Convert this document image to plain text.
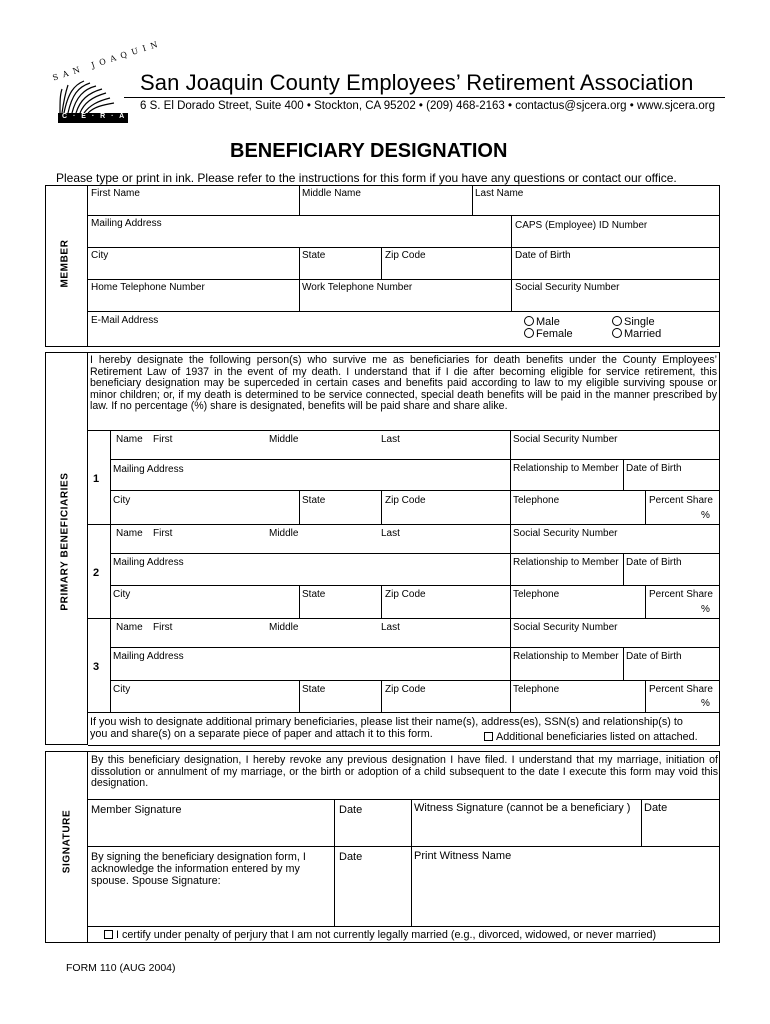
SAN JOAQUIN
C · E · R · A
San Joaquin County Employees’ Retirement Association
6 S. El Dorado Street, Suite 400 • Stockton, CA 95202 • (209) 468-2163 • contactus@sjcera.org • www.sjcera.org
BENEFICIARY DESIGNATION
Please type or print in ink. Please refer to the instructions for this form if you have any questions or contact our office.
MEMBER
First Name	Middle Name	Last Name
Mailing Address	CAPS (Employee) ID Number
City	State	Zip Code	Date of Birth
Home Telephone Number	Work Telephone Number	Social Security Number
E-Mail Address	Male
Female
Single
Married
PRIMARY BENEFICIARIES
I hereby designate the following person(s) who survive me as beneficiaries for death benefits under the County Employees’ Retirement Law of 1937 in the event of my death. I understand that if I die after becoming eligible for service retirement, this beneficiary designation may be superceded in certain cases and benefits paid according to law to my eligible surviving spouse or minor children; or, if my death is determined to be service connected, special death benefits will be paid in the manner prescribed by law. If no percentage (%) share is designated, benefits will be paid share and share alike.
1
2
3
Name First	Middle	Last	Social Security Number
Mailing Address	Relationship to Member Date of Birth
City	State	Zip Code	Telephone	Percent Share
%
Name First	Middle	Last	Social Security Number
Mailing Address	Relationship to Member Date of Birth
City	State	Zip Code	Telephone	Percent Share
%
Name First	Middle	Last	Social Security Number
Mailing Address	Relationship to Member Date of Birth
City	State	Zip Code	Telephone	Percent Share
%
If you wish to designate additional primary beneficiaries, please list their name(s), address(es), SSN(s) and relationship(s) to
you and share(s) on a separate piece of paper and attach it to this form.	Additional beneficiaries listed on attached.
SIGNATURE
By this beneficiary designation, I hereby revoke any previous designation I have filed. I understand that my marriage, initiation of dissolution or annulment of my marriage, or the birth or adoption of a child subsequent to the date I execute this form may void this designation.
Member Signature	Date	Witness Signature (cannot be a beneficiary ) Date
By signing the beneficiary designation form, I acknowledge the information entered by my spouse. Spouse Signature:
Date	Print Witness Name
I certify under penalty of perjury that I am not currently legally married (e.g., divorced, widowed, or never married)
FORM 110 (AUG 2004)
